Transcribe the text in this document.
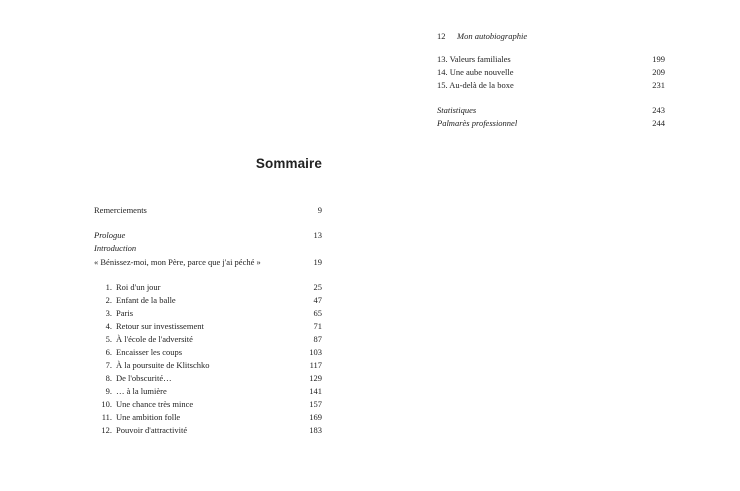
12 Mon autobiographie
13. Valeurs familiales	199
14. Une aube nouvelle	209
15. Au-delà de la boxe	231
Statistiques	243
Palmarès professionnel	244
Sommaire
Remerciements	9
Prologue	13
Introduction
« Bénissez-moi, mon Père, parce que j'ai péché »	19
1. Roi d'un jour	25
2. Enfant de la balle	47
3. Paris	65
4. Retour sur investissement	71
5. À l'école de l'adversité	87
6. Encaisser les coups	103
7. À la poursuite de Klitschko	117
8. De l'obscurité…	129
9. … à la lumière	141
10. Une chance très mince	157
11. Une ambition folle	169
12. Pouvoir d'attractivité	183
